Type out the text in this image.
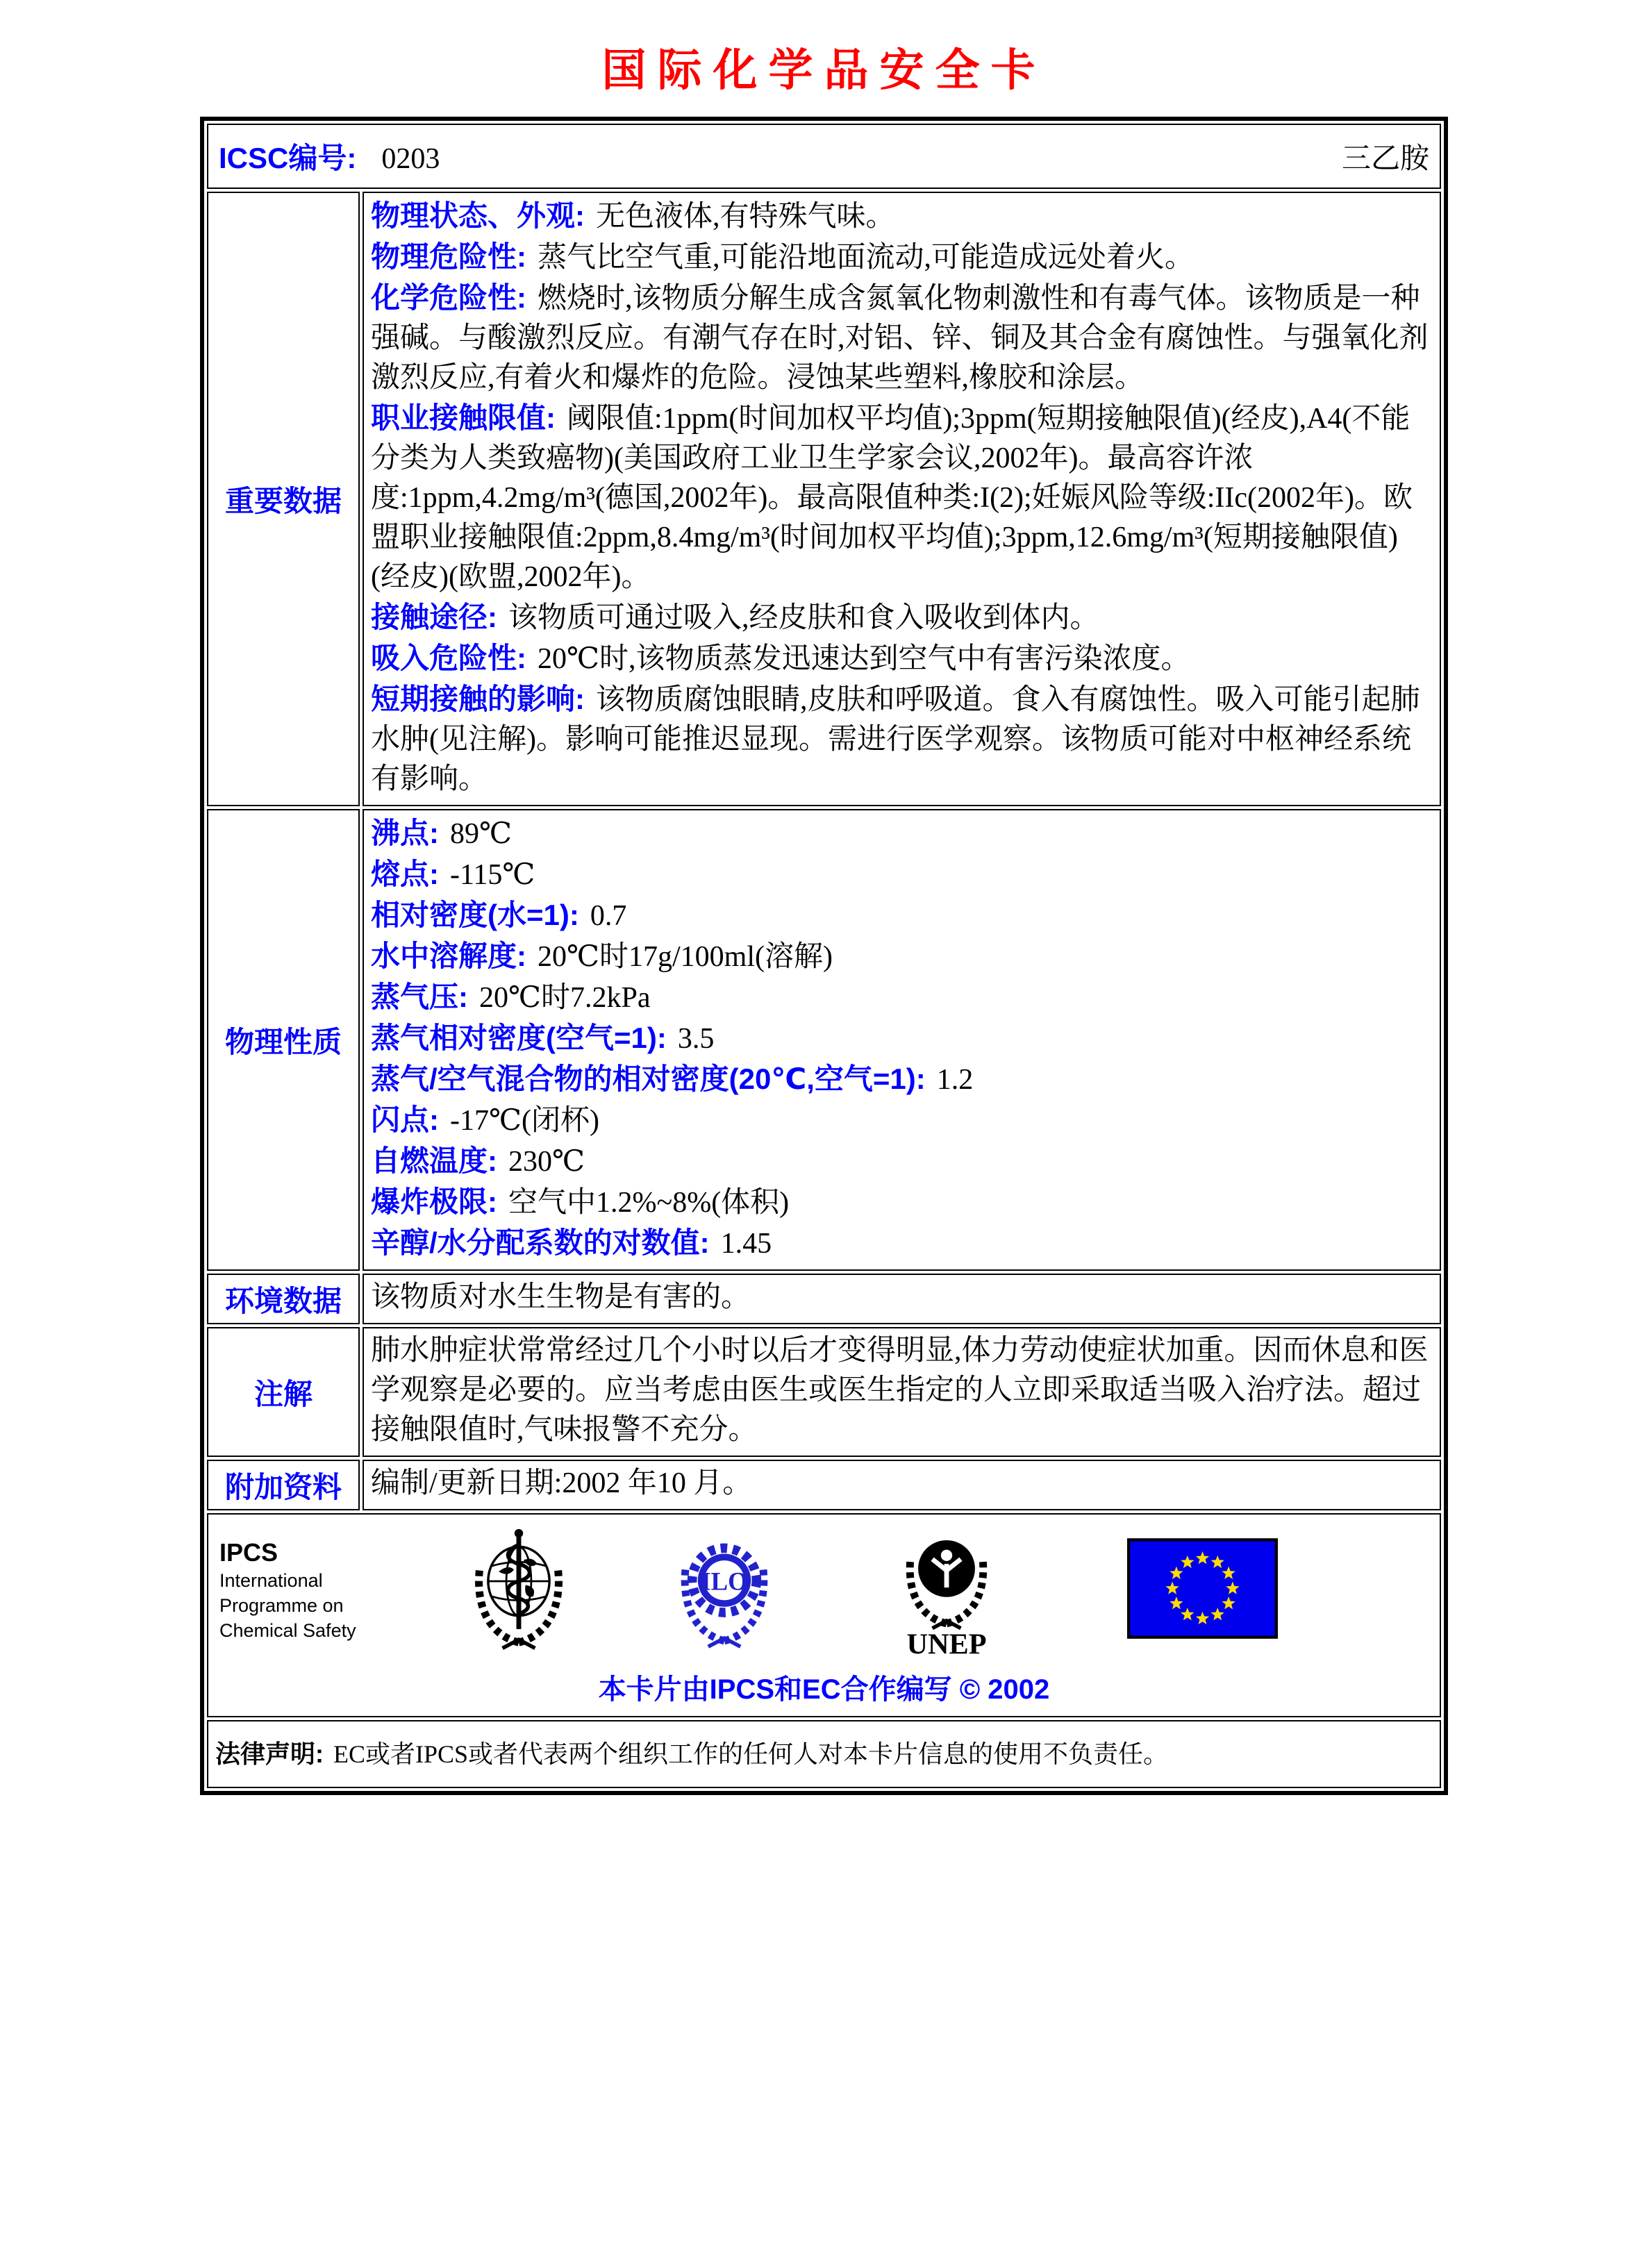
国际化学品安全卡
ICSC编号: 0203 三乙胺	

重要数据	
物理状态、外观: 无色液体,有特殊气味。
物理危险性: 蒸气比空气重,可能沿地面流动,可能造成远处着火。
化学危险性: 燃烧时,该物质分解生成含氮氧化物刺激性和有毒气体。该物质是一种强碱。与酸激烈反应。有潮气存在时,对铝、锌、铜及其合金有腐蚀性。与强氧化剂激烈反应,有着火和爆炸的危险。浸蚀某些塑料,橡胶和涂层。
职业接触限值: 阈限值:1ppm(时间加权平均值);3ppm(短期接触限值)(经皮),A4(不能分类为人类致癌物)(美国政府工业卫生学家会议,2002年)。最高容许浓度:1ppm,4.2mg/m³(德国,2002年)。最高限值种类:I(2);妊娠风险等级:IIc(2002年)。欧盟职业接触限值:2ppm,8.4mg/m³(时间加权平均值);3ppm,12.6mg/m³(短期接触限值)(经皮)(欧盟,2002年)。
接触途径: 该物质可通过吸入,经皮肤和食入吸收到体内。
吸入危险性: 20℃时,该物质蒸发迅速达到空气中有害污染浓度。
短期接触的影响: 该物质腐蚀眼睛,皮肤和呼吸道。食入有腐蚀性。吸入可能引起肺水肿(见注解)。影响可能推迟显现。需进行医学观察。该物质可能对中枢神经系统有影响。

物理性质	
沸点: 89℃
熔点: -115℃
相对密度(水=1): 0.7
水中溶解度: 20℃时17g/100ml(溶解)
蒸气压: 20℃时7.2kPa
蒸气相对密度(空气=1): 3.5
蒸气/空气混合物的相对密度(20℃,空气=1): 1.2
闪点: -17℃(闭杯)
自燃温度: 230℃
爆炸极限: 空气中1.2%~8%(体积)
辛醇/水分配系数的对数值: 1.45

环境数据	该物质对水生生物是有害的。
注解	肺水肿症状常常经过几个小时以后才变得明显,体力劳动使症状加重。因而休息和医学观察是必要的。应当考虑由医生或医生指定的人立即采取适当吸入治疗法。超过接触限值时,气味报警不充分。
附加资料	编制/更新日期:2002 年10 月。

IPCS
International
Programme on
Chemical Safety
ILO
UNEP
本卡片由IPCS和EC合作编写 © 2002

法律声明: EC或者IPCS或者代表两个组织工作的任何人对本卡片信息的使用不负责任。	
